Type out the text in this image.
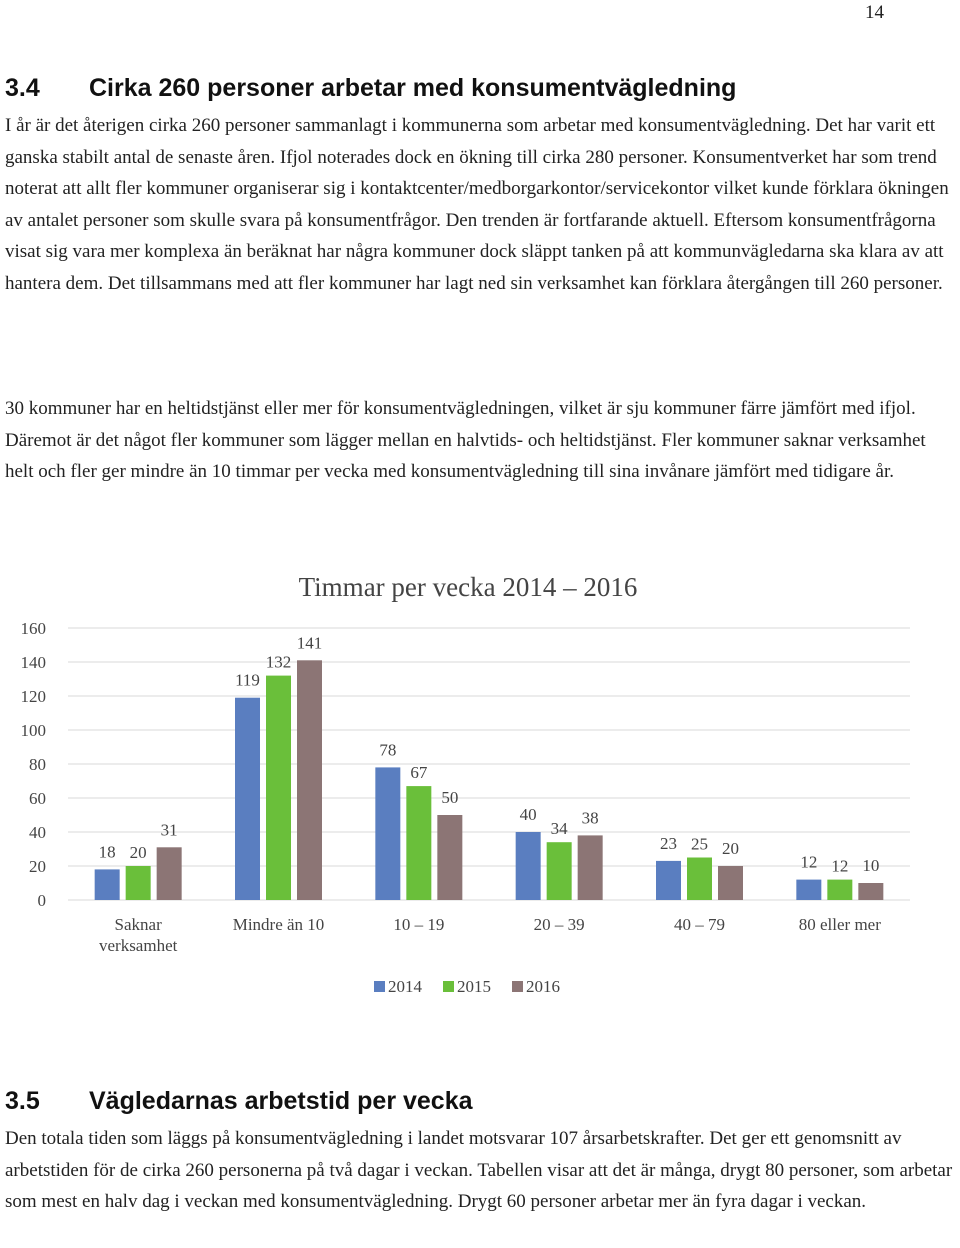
14
3.4 Cirka 260 personer arbetar med konsumentvägledning

I år är det återigen cirka 260 personer sammanlagt i kommunerna som arbetar med konsumentvägledning. Det har varit ett ganska stabilt antal de senaste åren. Ifjol noterades dock en ökning till cirka 280 personer. Konsumentverket har som trend noterat att allt fler kommuner organiserar sig i kontaktcenter/medborgarkontor/servicekontor vilket kunde förklara ökningen av antalet personer som skulle svara på konsumentfrågor. Den trenden är fortfarande aktuell. Eftersom konsumentfrågorna visat sig vara mer komplexa än beräknat har några kommuner dock släppt tanken på att kommunvägledarna ska klara av att hantera dem. Det tillsammans med att fler kommuner har lagt ned sin verksamhet kan förklara återgången till 260 personer.

30 kommuner har en heltidstjänst eller mer för konsumentvägledningen, vilket är sju kommuner färre jämfört med ifjol. Däremot är det något fler kommuner som lägger mellan en halvtids- och heltidstjänst. Fler kommuner saknar verksamhet helt och fler ger mindre än 10 timmar per vecka med konsumentvägledning till sina invånare jämfört med tidigare år.

Timmar per vecka 2014 – 2016
0
20
40
60
80
100
120
140
160
18 20
31
119
132
141
78
67
50
40
34
38
23 25 20
12 12 10
Saknar
verksamhet
Mindre än 10	10 – 19	20 – 39	40 – 79	80 eller mer
2014 2015 2016
3.5 Vägledarnas arbetstid per vecka

Den totala tiden som läggs på konsumentvägledning i landet motsvarar 107 årsarbetskrafter. Det ger ett genomsnitt av arbetstiden för de cirka 260 personerna på två dagar i veckan. Tabellen visar att det är många, drygt 80 personer, som arbetar som mest en halv dag i veckan med konsumentvägledning. Drygt 60 personer arbetar mer än fyra dagar i veckan.
